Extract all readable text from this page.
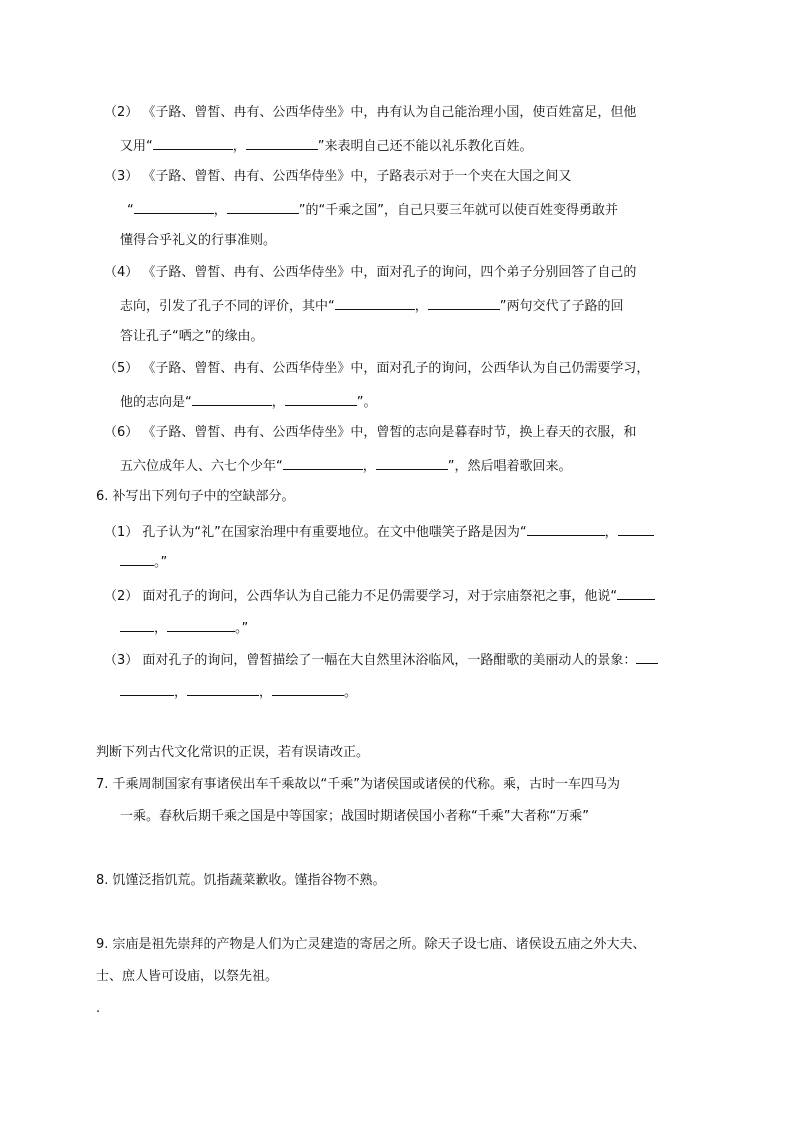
（2） 《子路、曾皙、冉有、公西华侍坐》中，冉有认为自己能治理小国，使百姓富足，但他
又用“	，	”来表明自己还不能以礼乐教化百姓。
（3） 《子路、曾皙、冉有、公西华侍坐》中，子路表示对于一个夹在大国之间又
“	，	”的“千乘之国”，自己只要三年就可以使百姓变得勇敢并
懂得合乎礼义的行事准则。
（4） 《子路、曾皙、冉有、公西华侍坐》中，面对孔子的询问，四个弟子分别回答了自己的
志向，引发了孔子不同的评价，其中“	，	”两句交代了子路的回
答让孔子“哂之”的缘由。
（5） 《子路、曾皙、冉有、公西华侍坐》中，面对孔子的询问，公西华认为自己仍需要学习，
他的志向是“	，	”。
（6） 《子路、曾皙、冉有、公西华侍坐》中，曾皙的志向是暮春时节，换上春天的衣服，和
五六位成年人、六七个少年“	，	”，然后唱着歌回来。
6. 补写出下列句子中的空缺部分。
（1） 孔子认为“礼”在国家治理中有重要地位。在文中他嗤笑子路是因为“	，
。”
（2） 面对孔子的询问，公西华认为自己能力不足仍需要学习，对于宗庙祭祀之事，他说“
，	。”
（3） 面对孔子的询问，曾皙描绘了一幅在大自然里沐浴临风，一路酣歌的美丽动人的景象：
，	，	。
判断下列古代文化常识的正误，若有误请改正。
7. 千乘周制国家有事诸侯出车千乘故以“千乘”为诸侯国或诸侯的代称。乘，古时一车四马为
一乘。春秋后期千乘之国是中等国家；战国时期诸侯国小者称“千乘”大者称“万乘”
8. 饥馑泛指饥荒。饥指蔬菜歉收。馑指谷物不熟。
9. 宗庙是祖先崇拜的产物是人们为亡灵建造的寄居之所。除天子设七庙、诸侯设五庙之外大夫、
士、庶人皆可设庙，以祭先祖。
.
